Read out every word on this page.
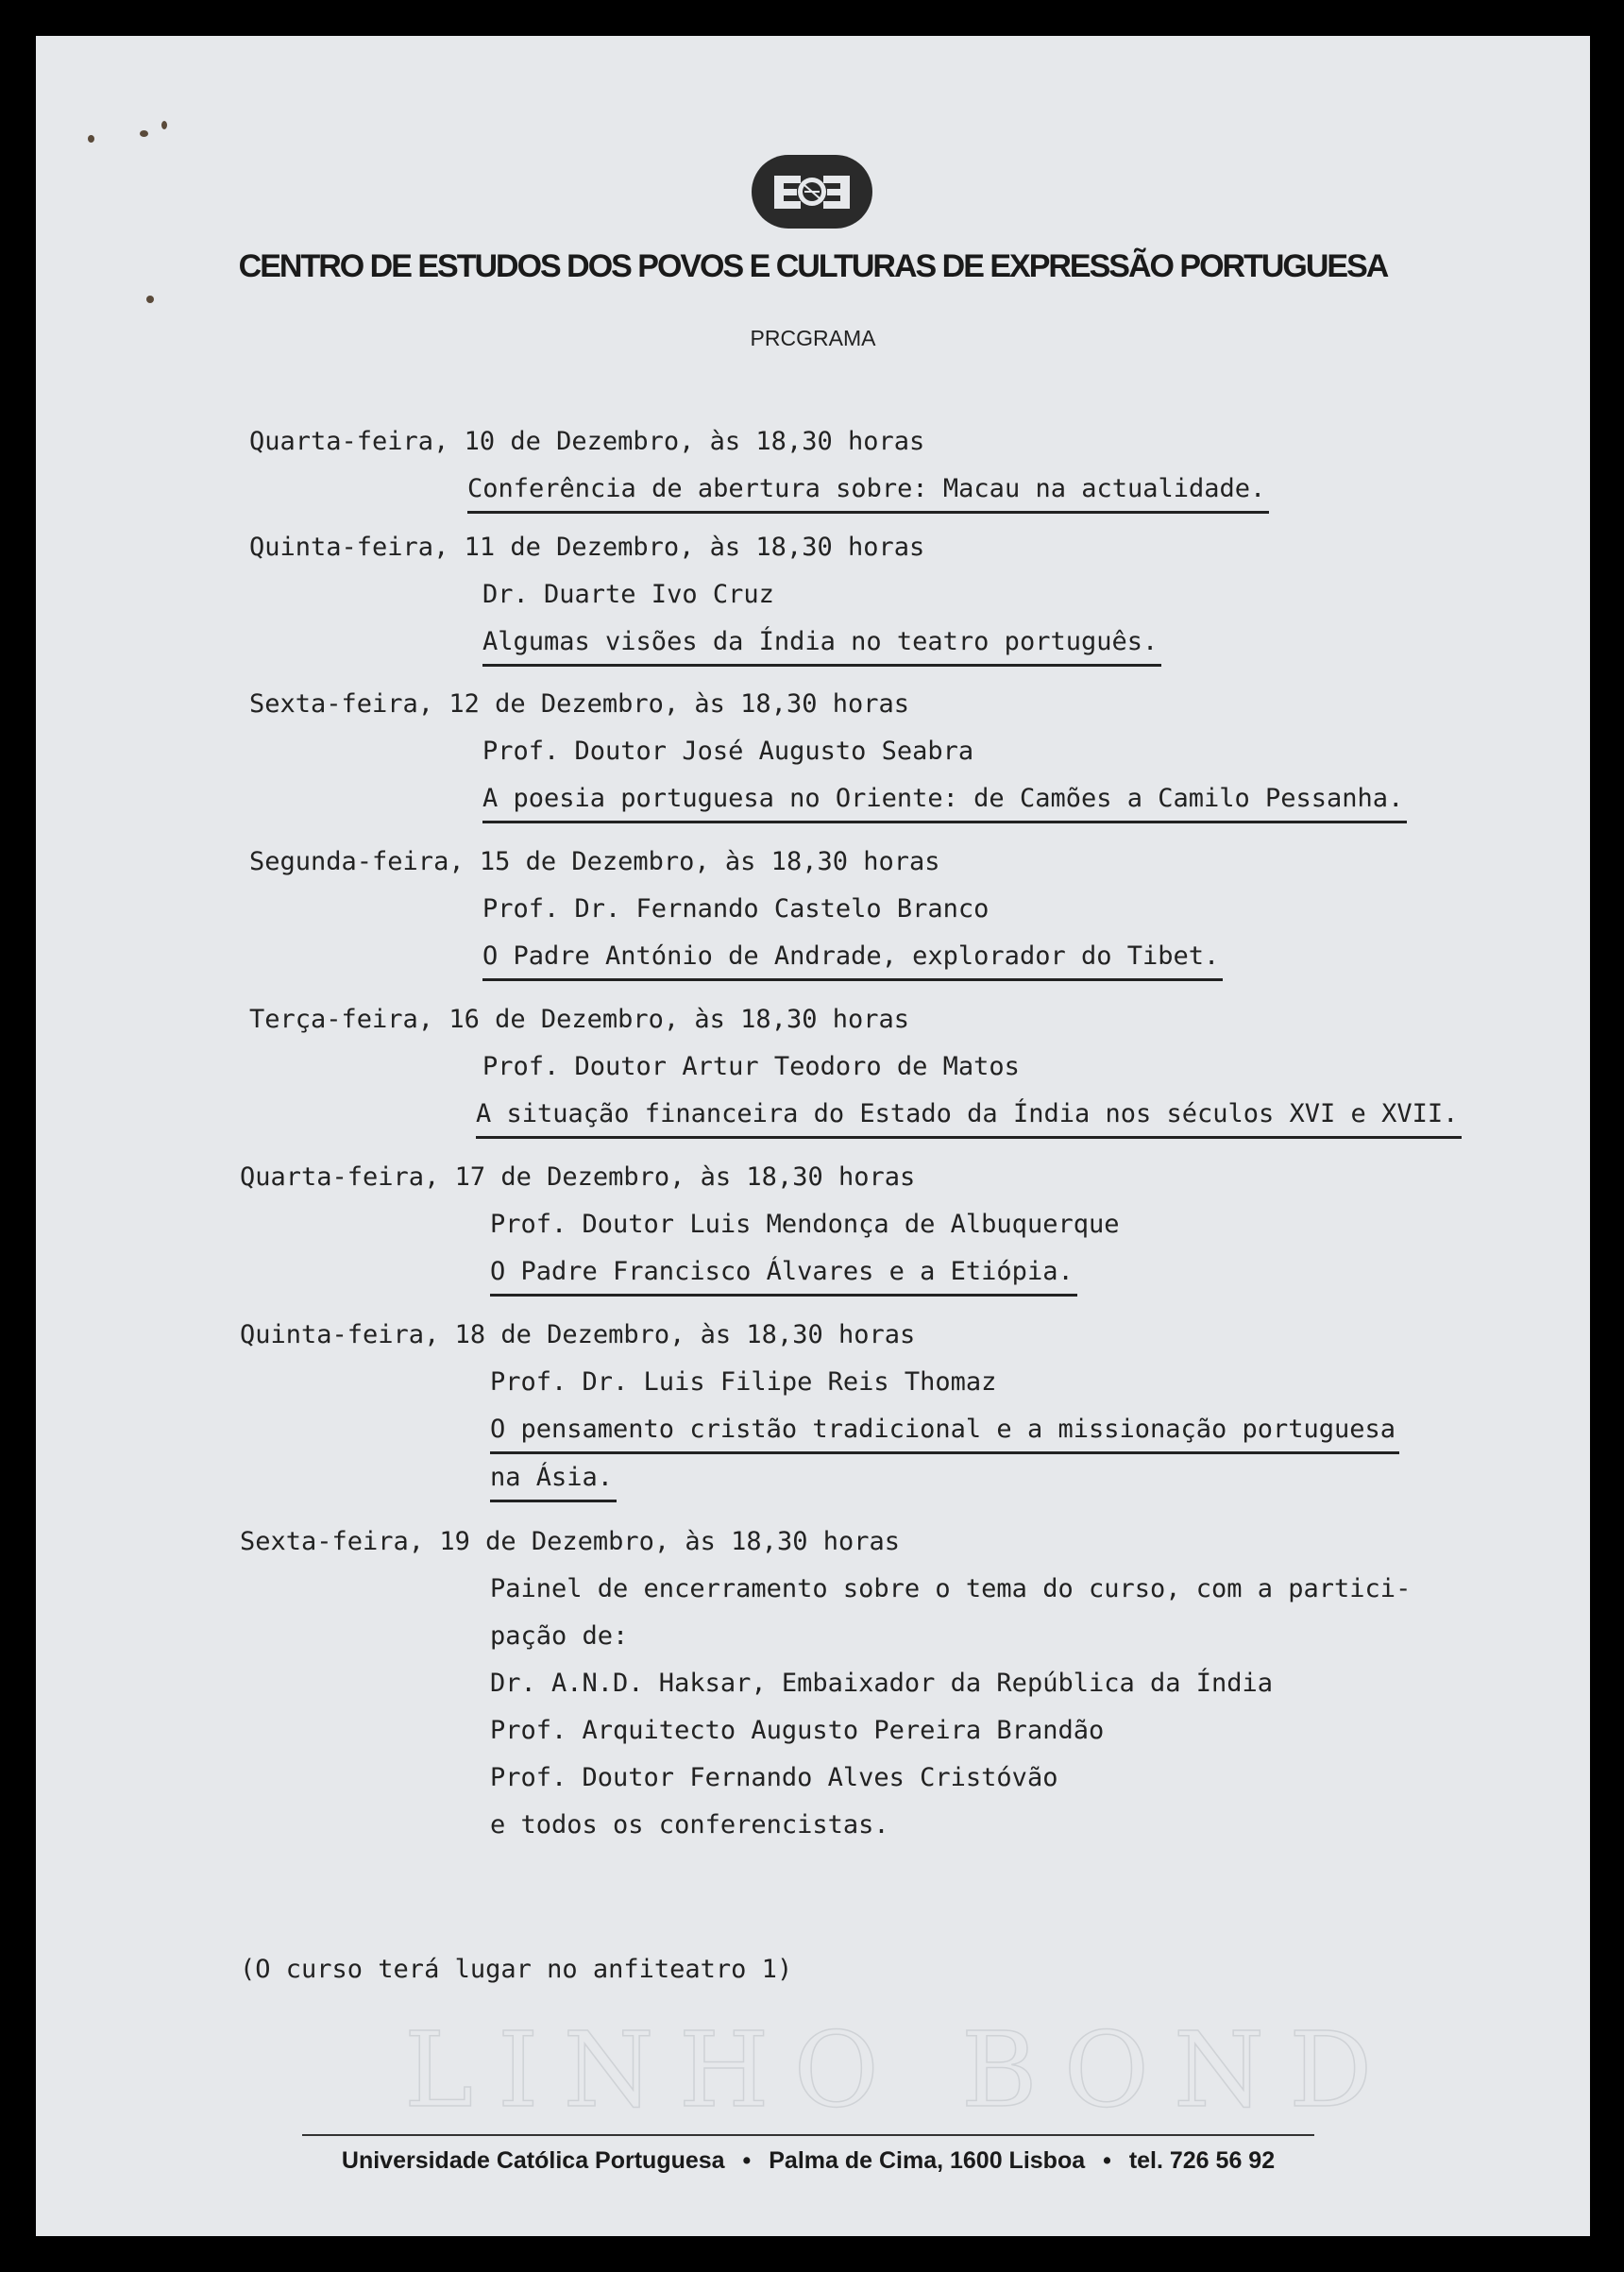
CENTRO DE ESTUDOS DOS POVOS E CULTURAS DE EXPRESSÃO PORTUGUESA
PRCGRAMA
Quarta-feira, 10 de Dezembro, às 18,30 horas
Conferência de abertura sobre: Macau na actualidade.
Quinta-feira, 11 de Dezembro, às 18,30 horas
Dr. Duarte Ivo Cruz
Algumas visões da Índia no teatro português.
Sexta-feira, 12 de Dezembro, às 18,30 horas
Prof. Doutor José Augusto Seabra
A poesia portuguesa no Oriente: de Camões a Camilo Pessanha.
Segunda-feira, 15 de Dezembro, às 18,30 horas
Prof. Dr. Fernando Castelo Branco
O Padre António de Andrade, explorador do Tibet.
Terça-feira, 16 de Dezembro, às 18,30 horas
Prof. Doutor Artur Teodoro de Matos
A situação financeira do Estado da Índia nos séculos XVI e XVII.
Quarta-feira, 17 de Dezembro, às 18,30 horas
Prof. Doutor Luis Mendonça de Albuquerque
O Padre Francisco Álvares e a Etiópia.
Quinta-feira, 18 de Dezembro, às 18,30 horas
Prof. Dr. Luis Filipe Reis Thomaz
O pensamento cristão tradicional e a missionação portuguesa
na Ásia.
Sexta-feira, 19 de Dezembro, às 18,30 horas
Painel de encerramento sobre o tema do curso, com a partici-
pação de:
Dr. A.N.D. Haksar, Embaixador da República da Índia
Prof. Arquitecto Augusto Pereira Brandão
Prof. Doutor Fernando Alves Cristóvão
e todos os conferencistas.
(O curso terá lugar no anfiteatro 1)
LINHO BOND
Universidade Católica Portuguesa • Palma de Cima, 1600 Lisboa • tel. 726 56 92
